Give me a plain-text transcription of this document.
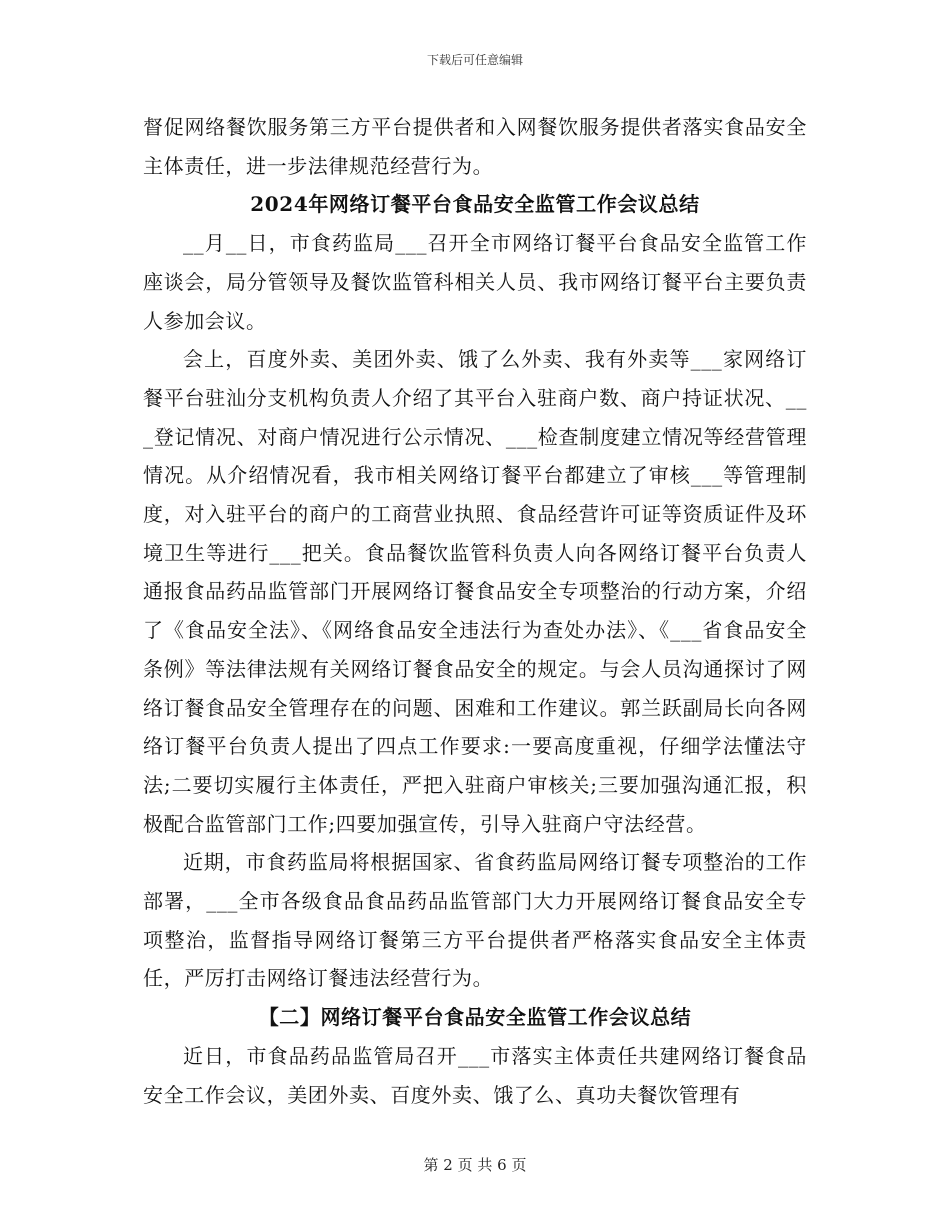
下载后可任意编辑

督促网络餐饮服务第三方平台提供者和入网餐饮服务提供者落实食品安全主体责任，进一步法律规范经营行为。

2024年网络订餐平台食品安全监管工作会议总结

__月__日，市食药监局___召开全市网络订餐平台食品安全监管工作座谈会，局分管领导及餐饮监管科相关人员、我市网络订餐平台主要负责人参加会议。

会上，百度外卖、美团外卖、饿了么外卖、我有外卖等___家网络订餐平台驻汕分支机构负责人介绍了其平台入驻商户数、商户持证状况、___登记情况、对商户情况进行公示情况、___检查制度建立情况等经营管理情况。从介绍情况看，我市相关网络订餐平台都建立了审核___等管理制度，对入驻平台的商户的工商营业执照、食品经营许可证等资质证件及环境卫生等进行___把关。食品餐饮监管科负责人向各网络订餐平台负责人通报食品药品监管部门开展网络订餐食品安全专项整治的行动方案，介绍了《食品安全法》、《网络食品安全违法行为查处办法》、《___省食品安全条例》等法律法规有关网络订餐食品安全的规定。与会人员沟通探讨了网络订餐食品安全管理存在的问题、困难和工作建议。郭兰跃副局长向各网络订餐平台负责人提出了四点工作要求:一要高度重视，仔细学法懂法守法;二要切实履行主体责任，严把入驻商户审核关;三要加强沟通汇报，积极配合监管部门工作;四要加强宣传，引导入驻商户守法经营。

近期，市食药监局将根据国家、省食药监局网络订餐专项整治的工作部署，___全市各级食品食品药品监管部门大力开展网络订餐食品安全专项整治，监督指导网络订餐第三方平台提供者严格落实食品安全主体责任，严厉打击网络订餐违法经营行为。

【二】网络订餐平台食品安全监管工作会议总结

近日，市食品药品监管局召开___市落实主体责任共建网络订餐食品安全工作会议，美团外卖、百度外卖、饿了么、真功夫餐饮管理有

第 2 页 共 6 页
